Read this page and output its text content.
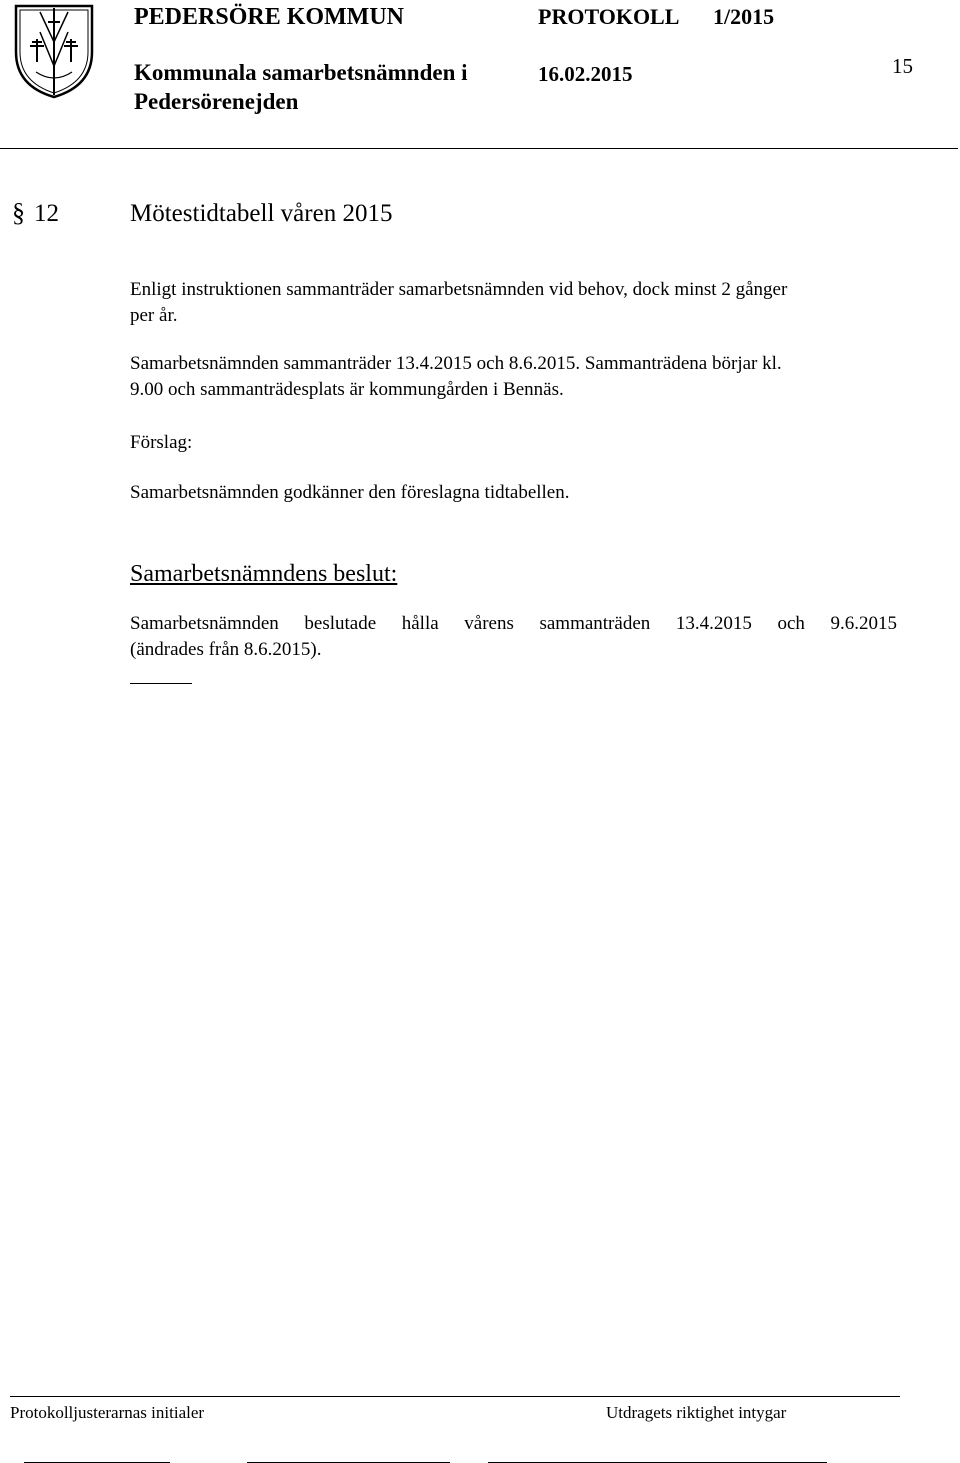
PEDERSÖRE KOMMUN	PROTOKOLL 1/2015
Kommunala samarbetsnämnden i
Pedersörenejden
16.02.2015	15
§ 12	Mötestidtabell våren 2015
Enligt instruktionen sammanträder samarbetsnämnden vid behov, dock minst 2 gånger
per år.
Samarbetsnämnden sammanträder 13.4.2015 och 8.6.2015. Sammanträdena börjar kl.
9.00 och sammanträdesplats är kommungården i Bennäs.
Förslag:
Samarbetsnämnden godkänner den föreslagna tidtabellen.
Samarbetsnämndens beslut:
Samarbetsnämnden beslutade hålla vårens sammanträden 13.4.2015 och 9.6.2015
(ändrades från 8.6.2015).
Protokolljusterarnas initialer	Utdragets riktighet intygar
